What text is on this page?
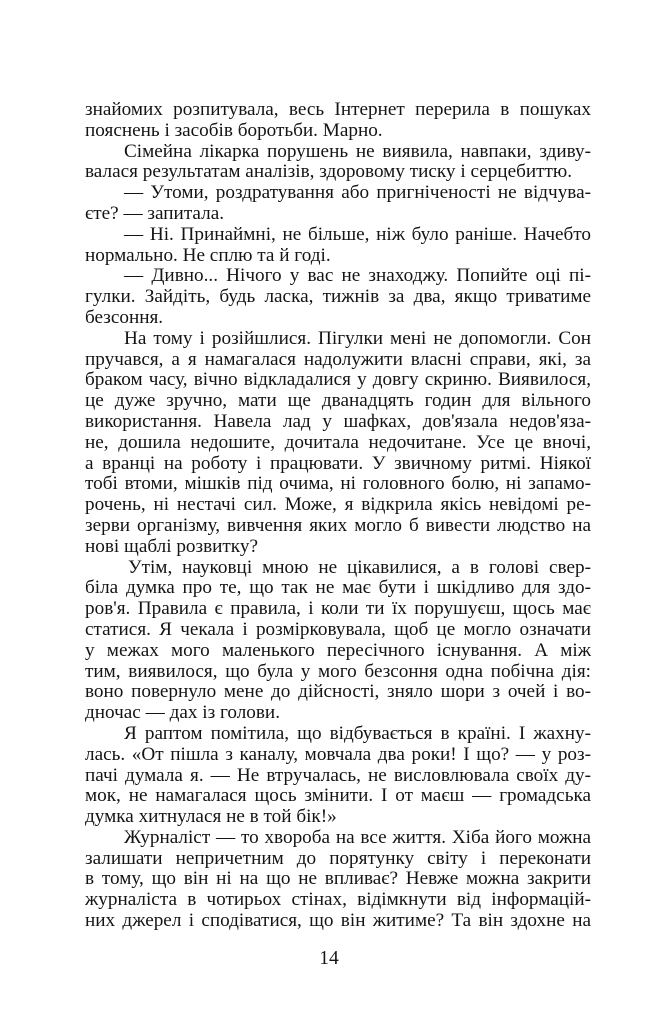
знайомих розпитувала, весь Інтернет перерила в пошуках
пояснень і засобів боротьби. Марно.
Сімейна лікарка порушень не виявила, навпаки, здиву-
валася результатам аналізів, здоровому тиску і серцебиттю.
— Утоми, роздратування або пригніченості не відчува-
єте? — запитала.
— Ні. Принаймні, не більше, ніж було раніше. Начебто
нормально. Не сплю та й годі.
— Дивно... Нічого у вас не знаходжу. Попийте оці пі-
гулки. Зайдіть, будь ласка, тижнів за два, якщо триватиме
безсоння.
На тому і розійшлися. Пігулки мені не допомогли. Сон
пручався, а я намагалася надолужити власні справи, які, за
браком часу, вічно відкладалися у довгу скриню. Виявилося,
це дуже зручно, мати ще дванадцять годин для вільного
використання. Навела лад у шафках, дов'язала недов'яза-
не, дошила недошите, дочитала недочитане. Усе це вночі,
а вранці на роботу і працювати. У звичному ритмі. Ніякої
тобі втоми, мішків під очима, ні головного болю, ні запамо-
рочень, ні нестачі сил. Може, я відкрила якісь невідомі ре-
зерви організму, вивчення яких могло б вивести людство на
нові щаблі розвитку?
Утім, науковці мною не цікавилися, а в голові свер-
біла думка про те, що так не має бути і шкідливо для здо-
ров'я. Правила є правила, і коли ти їх порушуєш, щось має
статися. Я чекала і розмірковувала, щоб це могло означати
у межах мого маленького пересічного існування. А між
тим, виявилося, що була у мого безсоння одна побічна дія:
воно повернуло мене до дійсності, зняло шори з очей і во-
дночас — дах із голови.
Я раптом помітила, що відбувається в країні. І жахну-
лась. «От пішла з каналу, мовчала два роки! І що? — у роз-
пачі думала я. — Не втручалась, не висловлювала своїх ду-
мок, не намагалася щось змінити. І от маєш — громадська
думка хитнулася не в той бік!»
Журналіст — то хвороба на все життя. Хіба його можна
залишати непричетним до порятунку світу і переконати
в тому, що він ні на що не впливає? Невже можна закрити
журналіста в чотирьох стінах, відімкнути від інформацій-
них джерел і сподіватися, що він житиме? Та він здохне на
14
